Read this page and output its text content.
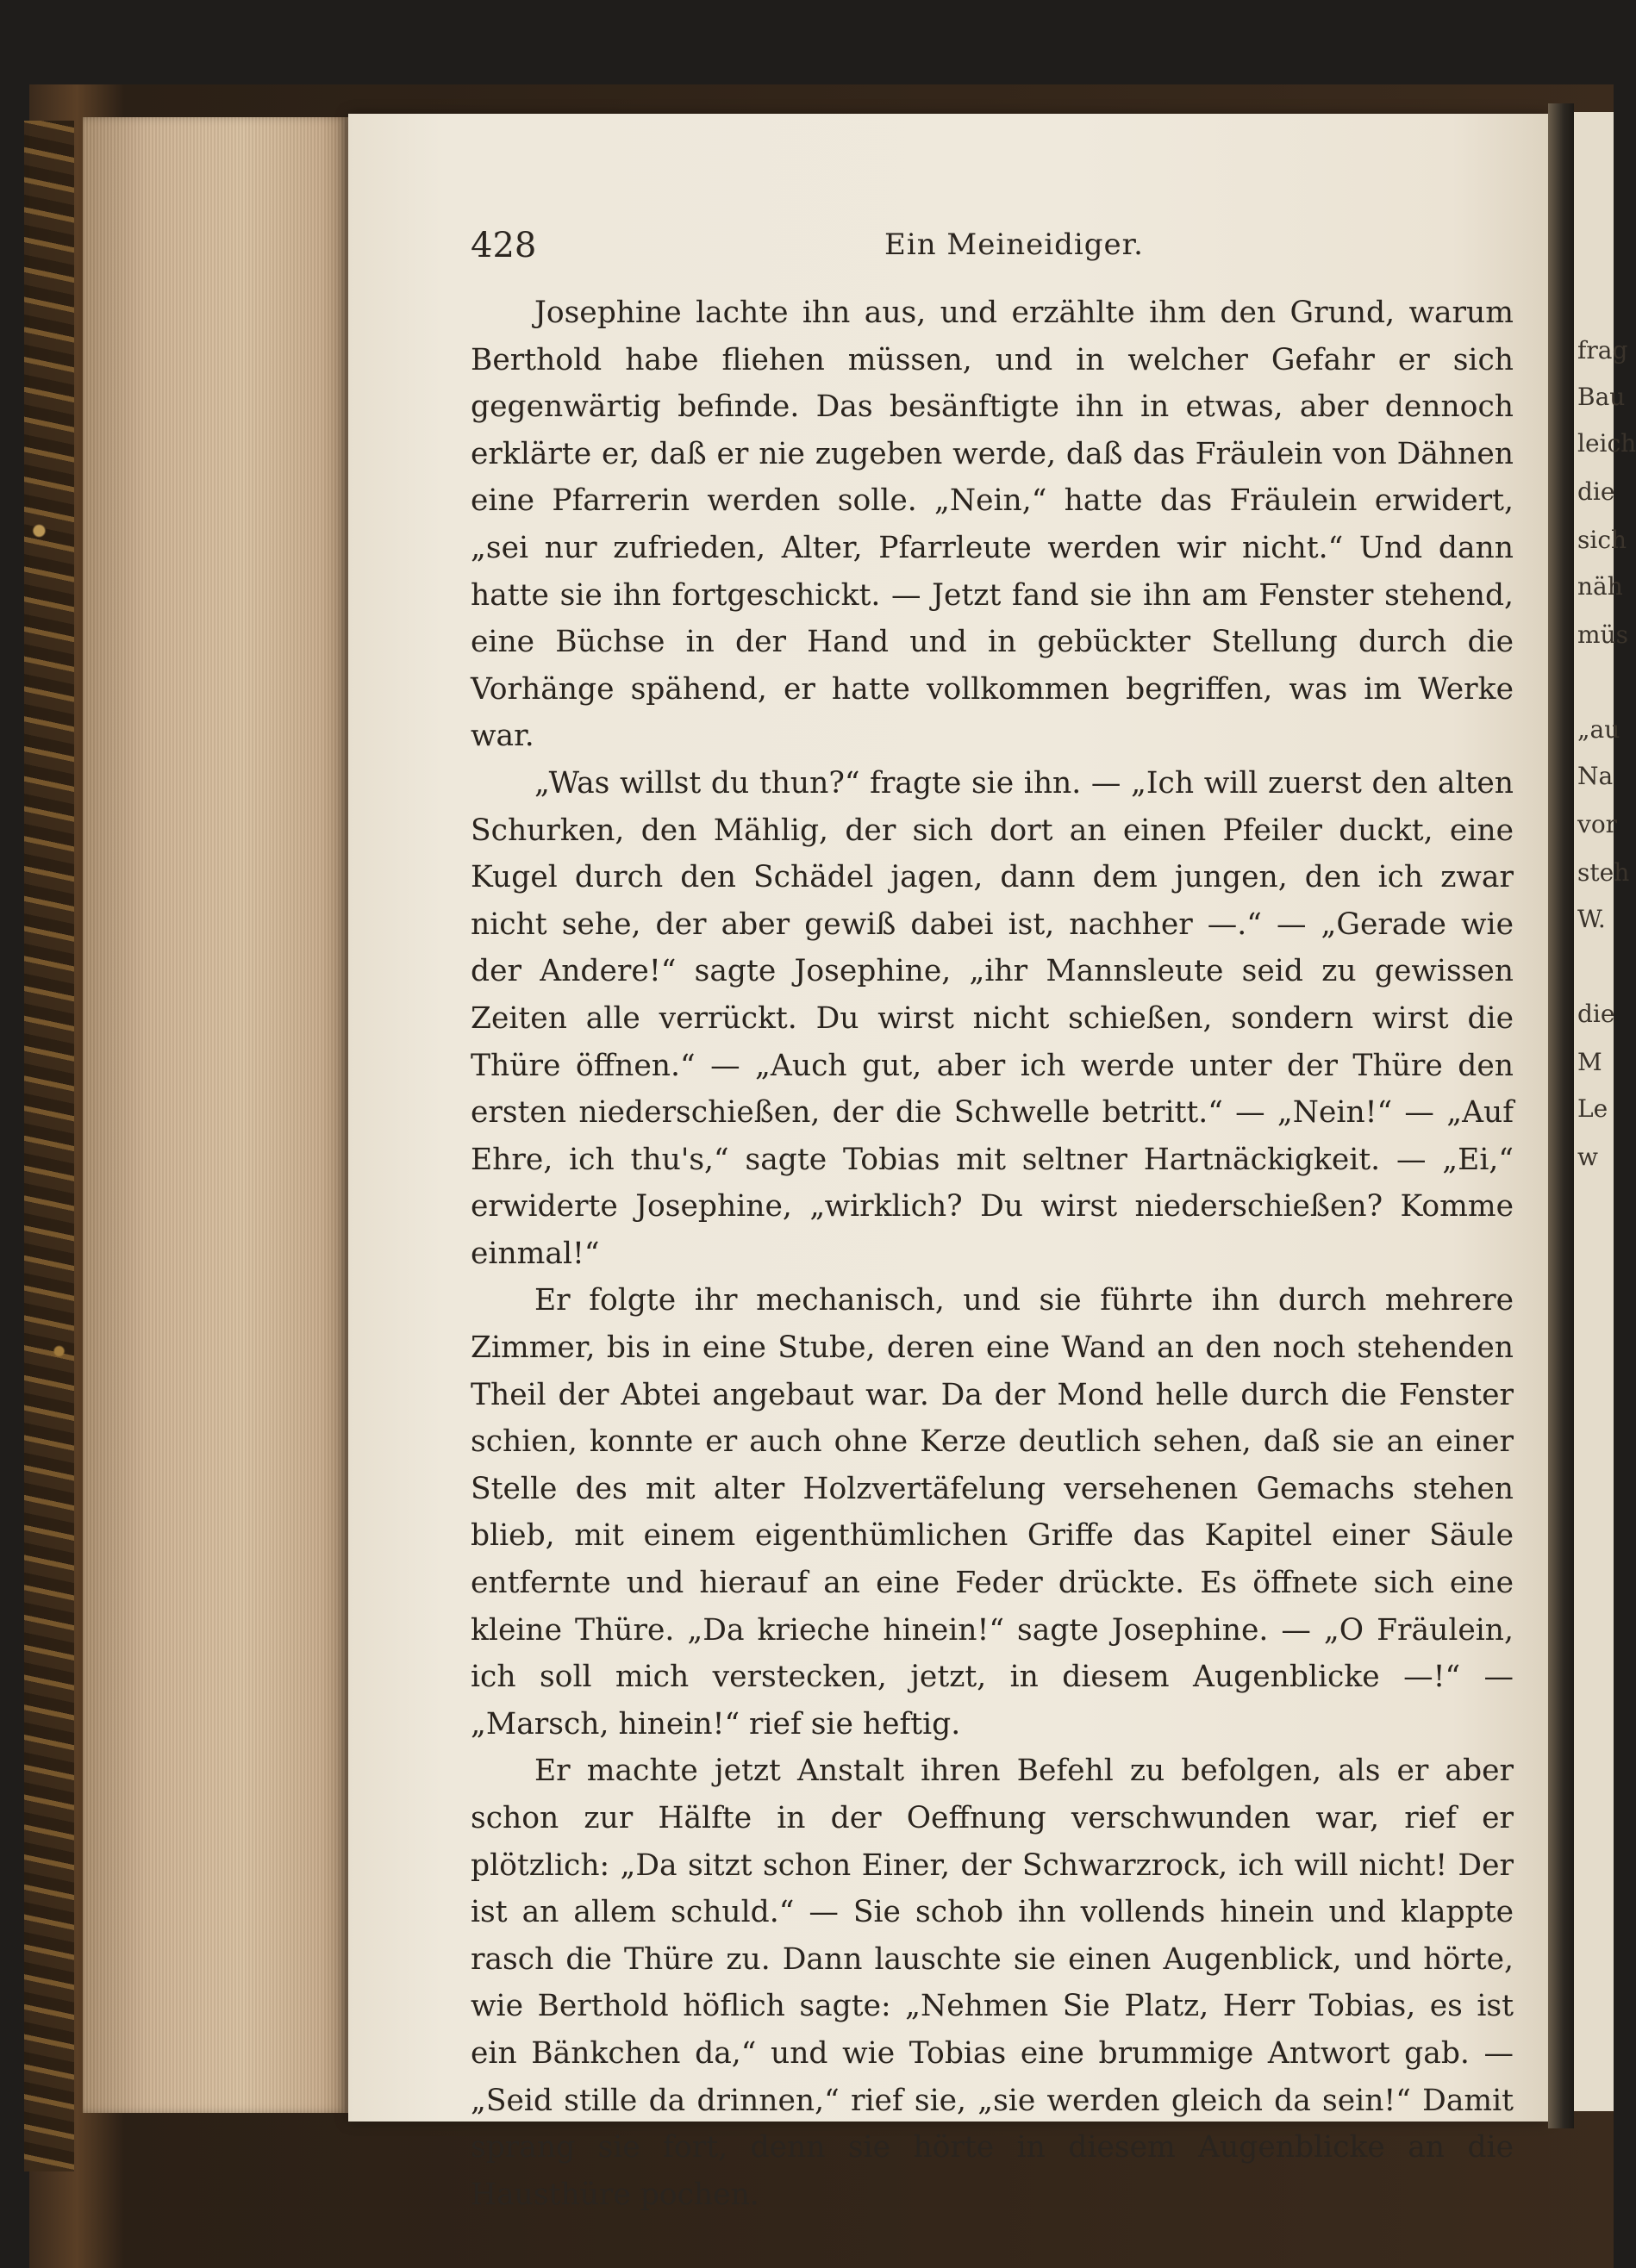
428	Ein Meineidiger.

Josephine lachte ihn aus, und erzählte ihm den Grund, warum Berthold habe fliehen müssen, und in welcher Gefahr er sich gegenwärtig befinde. Das besänftigte ihn in etwas, aber dennoch erklärte er, daß er nie zugeben werde, daß das Fräulein von Dähnen eine Pfarrerin werden solle. „Nein,“ hatte das Fräulein erwidert, „sei nur zufrieden, Alter, Pfarrleute werden wir nicht.“ Und dann hatte sie ihn fortgeschickt. — Jetzt fand sie ihn am Fenster stehend, eine Büchse in der Hand und in gebückter Stellung durch die Vorhänge spähend, er hatte vollkommen begriffen, was im Werke war.

„Was willst du thun?“ fragte sie ihn. — „Ich will zuerst den alten Schurken, den Mählig, der sich dort an einen Pfeiler duckt, eine Kugel durch den Schädel jagen, dann dem jungen, den ich zwar nicht sehe, der aber gewiß dabei ist, nachher —.“ — „Gerade wie der Andere!“ sagte Josephine, „ihr Mannsleute seid zu gewissen Zeiten alle verrückt. Du wirst nicht schießen, sondern wirst die Thüre öffnen.“ — „Auch gut, aber ich werde unter der Thüre den ersten niederschießen, der die Schwelle betritt.“ — „Nein!“ — „Auf Ehre, ich thu's,“ sagte Tobias mit seltner Hartnäckigkeit. — „Ei,“ erwiderte Josephine, „wirklich? Du wirst niederschießen? Komme einmal!“

Er folgte ihr mechanisch, und sie führte ihn durch mehrere Zimmer, bis in eine Stube, deren eine Wand an den noch stehenden Theil der Abtei angebaut war. Da der Mond helle durch die Fenster schien, konnte er auch ohne Kerze deutlich sehen, daß sie an einer Stelle des mit alter Holzvertäfelung versehenen Gemachs stehen blieb, mit einem eigenthümlichen Griffe das Kapitel einer Säule entfernte und hierauf an eine Feder drückte. Es öffnete sich eine kleine Thüre. „Da krieche hinein!“ sagte Josephine. — „O Fräulein, ich soll mich verstecken, jetzt, in diesem Augenblicke —!“ — „Marsch, hinein!“ rief sie heftig.

Er machte jetzt Anstalt ihren Befehl zu befolgen, als er aber schon zur Hälfte in der Oeffnung verschwunden war, rief er plötzlich: „Da sitzt schon Einer, der Schwarzrock, ich will nicht! Der ist an allem schuld.“ — Sie schob ihn vollends hinein und klappte rasch die Thüre zu. Dann lauschte sie einen Augenblick, und hörte, wie Berthold höflich sagte: „Nehmen Sie Platz, Herr Tobias, es ist ein Bänkchen da,“ und wie Tobias eine brummige Antwort gab. — „Seid stille da drinnen,“ rief sie, „sie werden gleich da sein!“ Damit sprang sie fort, denn sie hörte in diesem Augenblicke an die Hausthüre pochen.

frag
Bau
leich
die
sich
näh
müs
„au
Na
vor
steh
W.
die
M
Le
w
